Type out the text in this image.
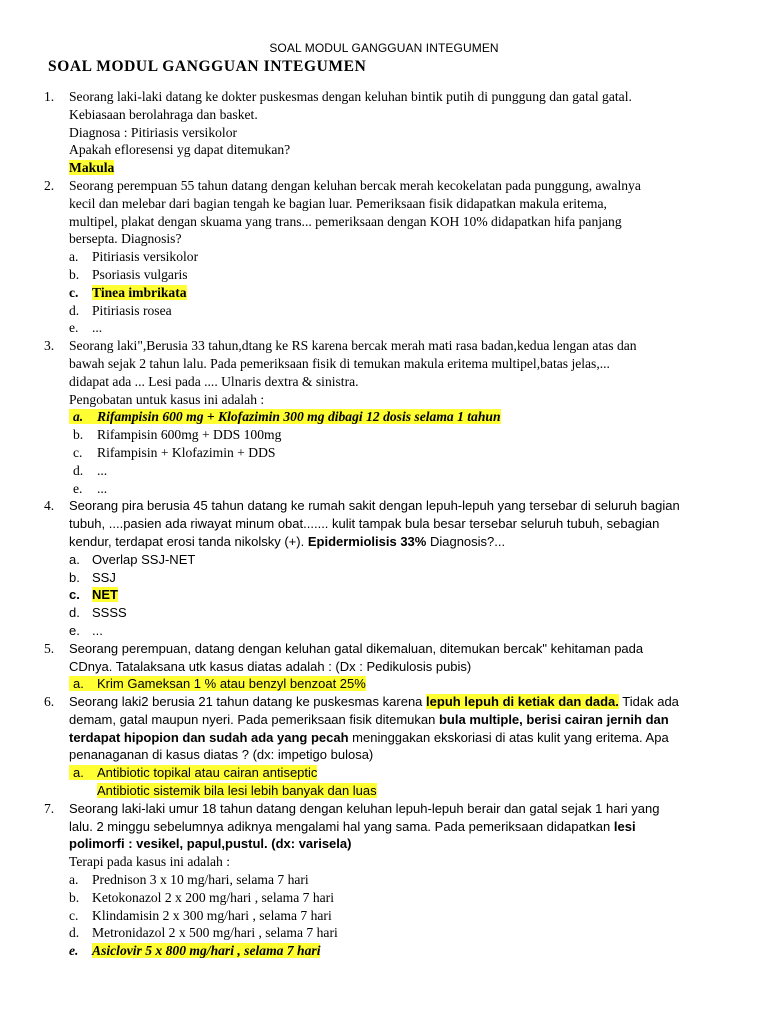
SOAL MODUL GANGGUAN INTEGUMEN
SOAL MODUL GANGGUAN INTEGUMEN
1. Seorang laki-laki datang ke dokter puskesmas dengan keluhan bintik putih di punggung dan gatal gatal.
Kebiasaan berolahraga dan basket.
Diagnosa : Pitiriasis versikolor
Apakah efloresensi yg dapat ditemukan?
Makula
2. Seorang perempuan 55 tahun datang dengan keluhan bercak merah kecokelatan pada punggung, awalnya
kecil dan melebar dari bagian tengah ke bagian luar. Pemeriksaan fisik didapatkan makula eritema,
multipel, plakat dengan skuama yang trans... pemeriksaan dengan KOH 10% didapatkan hifa panjang
bersepta. Diagnosis?
a. Pitiriasis versikolor
b. Psoriasis vulgaris
c. Tinea imbrikata
d. Pitiriasis rosea
e. ...
3. Seorang laki",Berusia 33 tahun,dtang ke RS karena bercak merah mati rasa badan,kedua lengan atas dan
bawah sejak 2 tahun lalu. Pada pemeriksaan fisik di temukan makula eritema multipel,batas jelas,...
didapat ada ... Lesi pada .... Ulnaris dextra & sinistra.
Pengobatan untuk kasus ini adalah :
a. Rifampisin 600 mg + Klofazimin 300 mg dibagi 12 dosis selama 1 tahun
b. Rifampisin 600mg + DDS 100mg
c. Rifampisin + Klofazimin + DDS
d. ...
e. ...
4. Seorang pira berusia 45 tahun datang ke rumah sakit dengan lepuh-lepuh yang tersebar di seluruh bagian
tubuh, ....pasien ada riwayat minum obat....... kulit tampak bula besar tersebar seluruh tubuh, sebagian
kendur, terdapat erosi tanda nikolsky (+). Epidermiolisis 33% Diagnosis?...
a. Overlap SSJ-NET
b. SSJ
c. NET
d. SSSS
e. ...
5. Seorang perempuan, datang dengan keluhan gatal dikemaluan, ditemukan bercak" kehitaman pada
CDnya. Tatalaksana utk kasus diatas adalah : (Dx : Pedikulosis pubis)
a. Krim Gameksan 1 % atau benzyl benzoat 25%
6. Seorang laki2 berusia 21 tahun datang ke puskesmas karena lepuh lepuh di ketiak dan dada. Tidak ada
demam, gatal maupun nyeri. Pada pemeriksaan fisik ditemukan bula multiple, berisi cairan jernih dan
terdapat hipopion dan sudah ada yang pecah meninggakan ekskoriasi di atas kulit yang eritema. Apa
penanaganan di kasus diatas ? (dx: impetigo bulosa)
a. Antibiotic topikal atau cairan antiseptic
Antibiotic sistemik bila lesi lebih banyak dan luas
7. Seorang laki-laki umur 18 tahun datang dengan keluhan lepuh-lepuh berair dan gatal sejak 1 hari yang
lalu. 2 minggu sebelumnya adiknya mengalami hal yang sama. Pada pemeriksaan didapatkan lesi
polimorfi : vesikel, papul,pustul. (dx: varisela)
Terapi pada kasus ini adalah :
a. Prednison 3 x 10 mg/hari, selama 7 hari
b. Ketokonazol 2 x 200 mg/hari , selama 7 hari
c. Klindamisin 2 x 300 mg/hari , selama 7 hari
d. Metronidazol 2 x 500 mg/hari , selama 7 hari
e. Asiclovir 5 x 800 mg/hari , selama 7 hari
